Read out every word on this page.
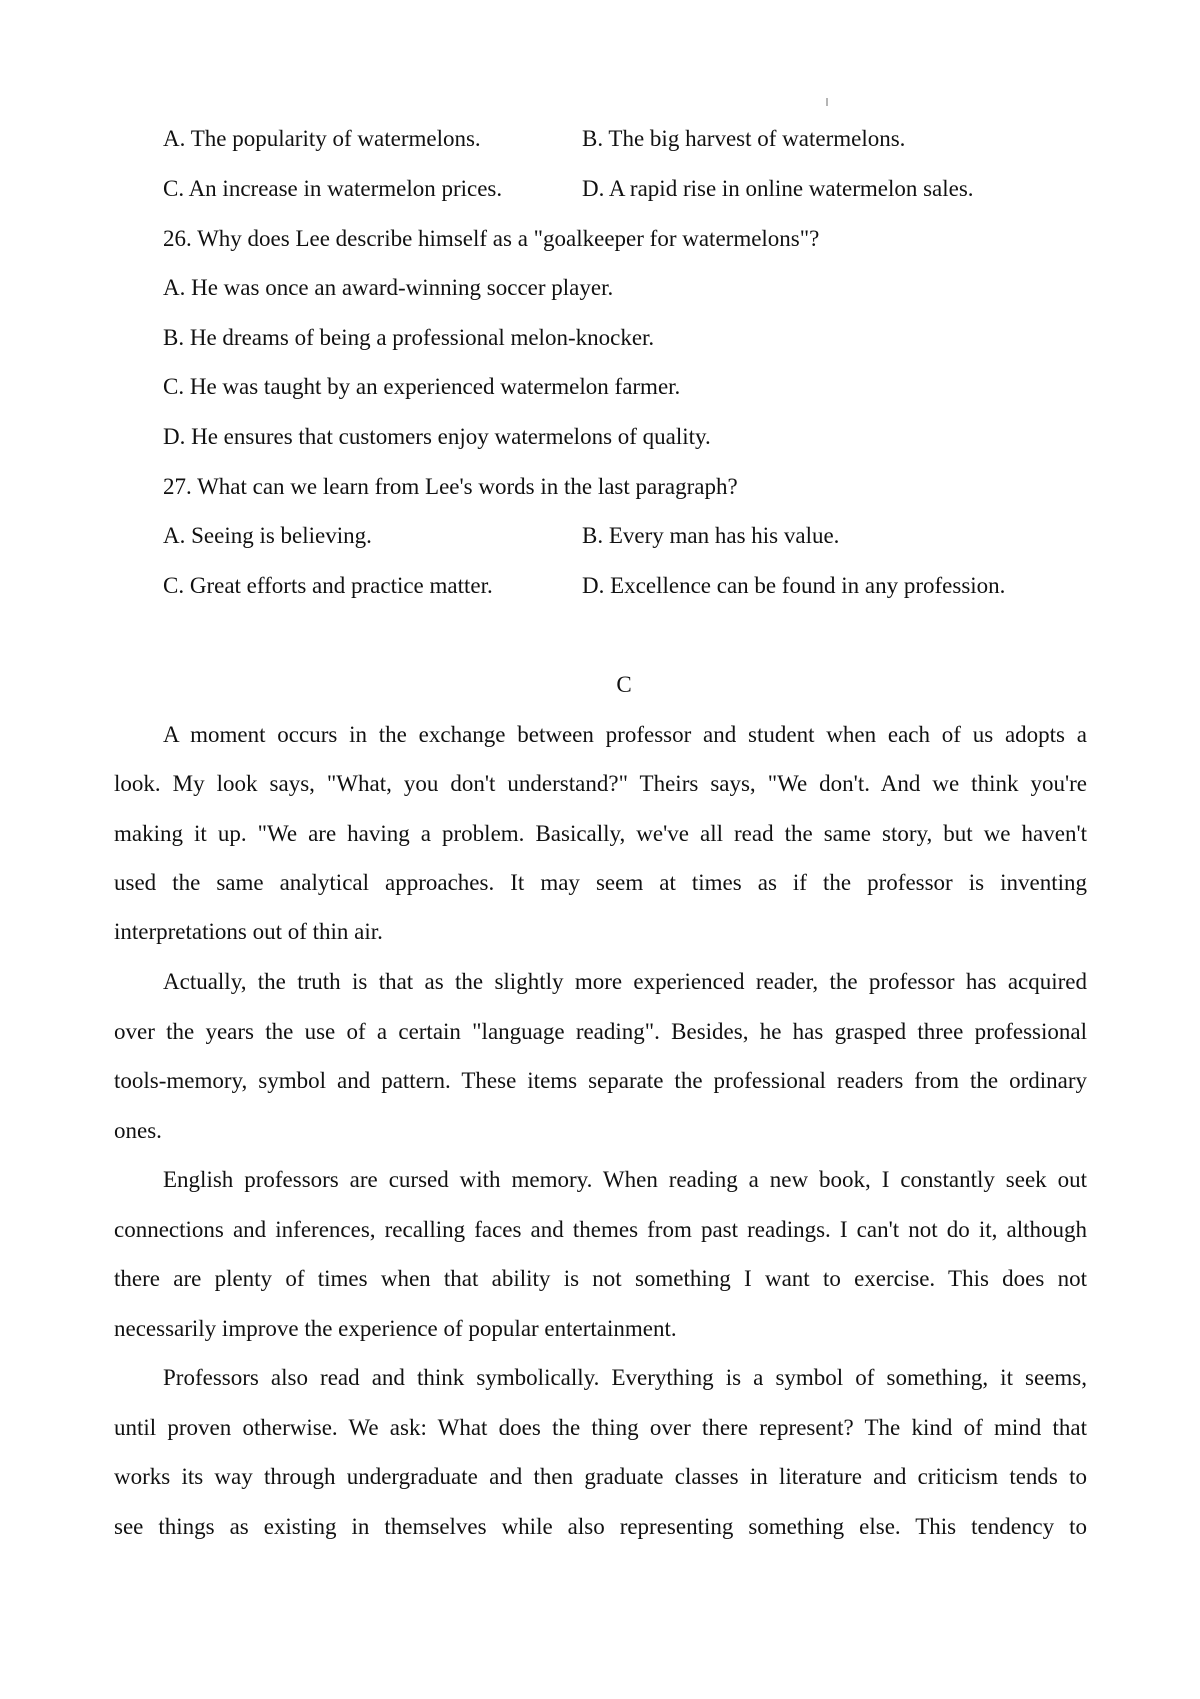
A. The popularity of watermelons.	B. The big harvest of watermelons.
C. An increase in watermelon prices.	D. A rapid rise in online watermelon sales.
26. Why does Lee describe himself as a "goalkeeper for watermelons"?
A. He was once an award-winning soccer player.
B. He dreams of being a professional melon-knocker.
C. He was taught by an experienced watermelon farmer.
D. He ensures that customers enjoy watermelons of quality.
27. What can we learn from Lee's words in the last paragraph?
A. Seeing is believing.	B. Every man has his value.
C. Great efforts and practice matter.	D. Excellence can be found in any profession.
C
A moment occurs in the exchange between professor and student when each of us adopts a
look. My look says, "What, you don't understand?" Theirs says, "We don't. And we think you're
making it up. "We are having a problem. Basically, we've all read the same story, but we haven't
used the same analytical approaches. It may seem at times as if the professor is inventing
interpretations out of thin air.
Actually, the truth is that as the slightly more experienced reader, the professor has acquired
over the years the use of a certain "language reading". Besides, he has grasped three professional
tools-memory, symbol and pattern. These items separate the professional readers from the ordinary
ones.
English professors are cursed with memory. When reading a new book, I constantly seek out
connections and inferences, recalling faces and themes from past readings. I can't not do it, although
there are plenty of times when that ability is not something I want to exercise. This does not
necessarily improve the experience of popular entertainment.
Professors also read and think symbolically. Everything is a symbol of something, it seems,
until proven otherwise. We ask: What does the thing over there represent? The kind of mind that
works its way through undergraduate and then graduate classes in literature and criticism tends to
see things as existing in themselves while also representing something else. This tendency to
